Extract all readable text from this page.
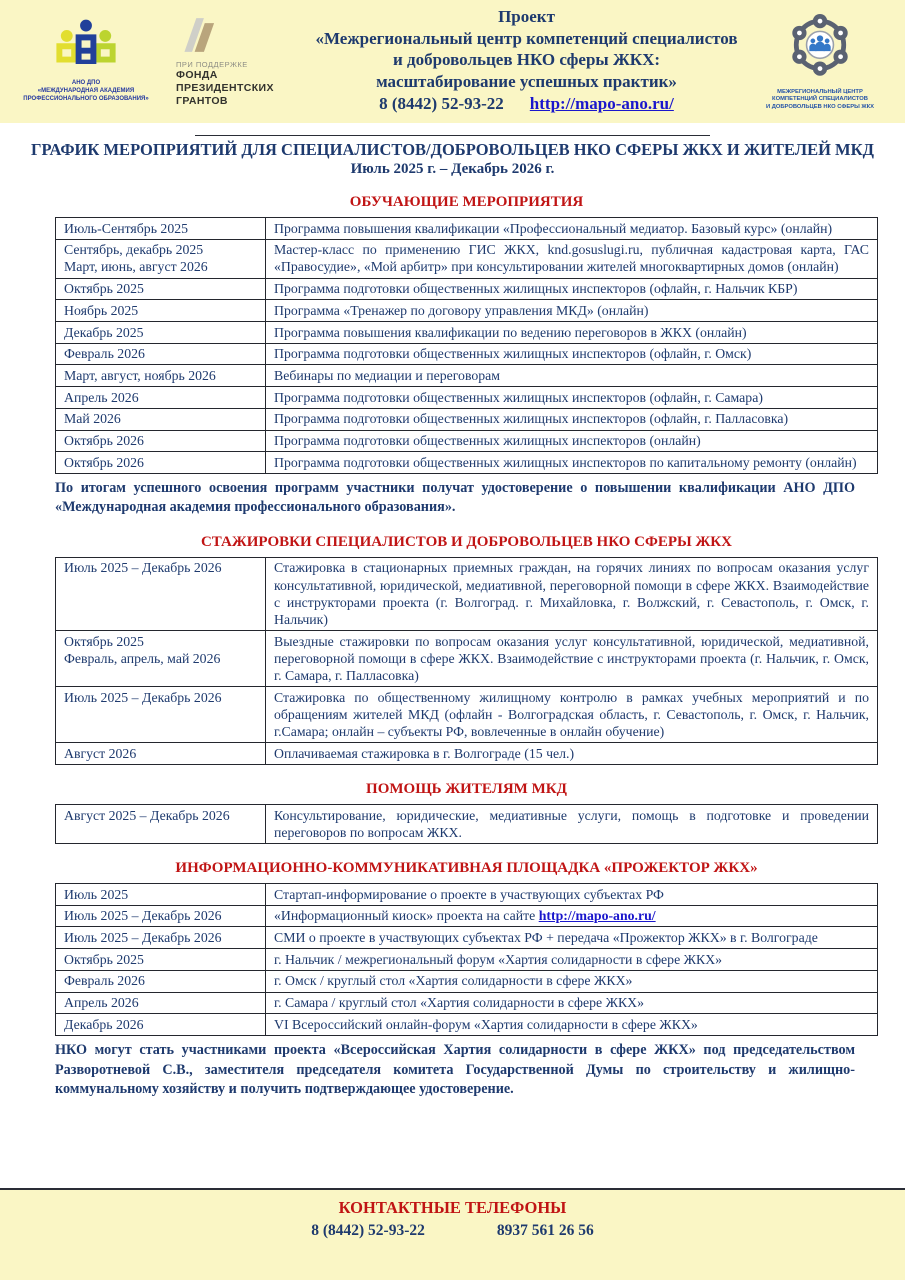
АНО ДПО
«МЕЖДУНАРОДНАЯ АКАДЕМИЯ
ПРОФЕССИОНАЛЬНОГО ОБРАЗОВАНИЯ»
ПРИ ПОДДЕРЖКЕ
ФОНДА
ПРЕЗИДЕНТСКИХ
ГРАНТОВ
Проект
«Межрегиональный центр компетенций специалистов
и добровольцев НКО сферы ЖКХ:
масштабирование успешных практик»
8 (8442) 52-93-22 http://mapo-ano.ru/
МЕЖРЕГИОНАЛЬНЫЙ ЦЕНТР
КОМПЕТЕНЦИЙ СПЕЦИАЛИСТОВ
И ДОБРОВОЛЬЦЕВ НКО СФЕРЫ ЖКХ
ГРАФИК МЕРОПРИЯТИЙ ДЛЯ СПЕЦИАЛИСТОВ/ДОБРОВОЛЬЦЕВ НКО СФЕРЫ ЖКХ И ЖИТЕЛЕЙ МКД
Июль 2025 г. – Декабрь 2026 г.
ОБУЧАЮЩИЕ МЕРОПРИЯТИЯ
Июль-Сентябрь 2025	Программа повышения квалификации «Профессиональный медиатор. Базовый курс» (онлайн)

Сентябрь, декабрь 2025
Март, июнь, август 2026	Мастер-класс по применению ГИС ЖКХ, knd.gosuslugi.ru, публичная кадастровая карта, ГАС «Правосудие», «Мой арбитр» при консультировании жителей многоквартирных домов (онлайн)

Октябрь 2025	Программа подготовки общественных жилищных инспекторов (офлайн, г. Нальчик КБР)

Ноябрь 2025	Программа «Тренажер по договору управления МКД» (онлайн)

Декабрь 2025	Программа повышения квалификации по ведению переговоров в ЖКХ (онлайн)

Февраль 2026	Программа подготовки общественных жилищных инспекторов (офлайн, г. Омск)

Март, август, ноябрь 2026	Вебинары по медиации и переговорам

Апрель 2026	Программа подготовки общественных жилищных инспекторов (офлайн, г. Самара)

Май 2026	Программа подготовки общественных жилищных инспекторов (офлайн, г. Палласовка)

Октябрь 2026	Программа подготовки общественных жилищных инспекторов (онлайн)

Октябрь 2026	Программа подготовки общественных жилищных инспекторов по капитальному ремонту (онлайн)

По итогам успешного освоения программ участники получат удостоверение о повышении квалификации АНО ДПО «Международная академия профессионального образования».

СТАЖИРОВКИ СПЕЦИАЛИСТОВ И ДОБРОВОЛЬЦЕВ НКО СФЕРЫ ЖКХ
Июль 2025 – Декабрь 2026	Стажировка в стационарных приемных граждан, на горячих линиях по вопросам оказания услуг консультативной, юридической, медиативной, переговорной помощи в сфере ЖКХ. Взаимодействие с инструкторами проекта (г. Волгоград. г. Михайловка, г. Волжский, г. Севастополь, г. Омск, г. Нальчик)

Октябрь 2025
Февраль, апрель, май 2026	Выездные стажировки по вопросам оказания услуг консультативной, юридической, медиативной, переговорной помощи в сфере ЖКХ. Взаимодействие с инструкторами проекта (г. Нальчик, г. Омск, г. Самара, г. Палласовка)

Июль 2025 – Декабрь 2026	Стажировка по общественному жилищному контролю в рамках учебных мероприятий и по обращениям жителей МКД (офлайн - Волгоградская область, г. Севастополь, г. Омск, г. Нальчик, г.Самара; онлайн – субъекты РФ, вовлеченные в онлайн обучение)

Август 2026	Оплачиваемая стажировка в г. Волгограде (15 чел.)
ПОМОЩЬ ЖИТЕЛЯМ МКД
Август 2025 – Декабрь 2026	Консультирование, юридические, медиативные услуги, помощь в подготовке и проведении переговоров по вопросам ЖКХ.
ИНФОРМАЦИОННО-КОММУНИКАТИВНАЯ ПЛОЩАДКА «ПРОЖЕКТОР ЖКХ»
Июль 2025	Стартап-информирование о проекте в участвующих субъектах РФ

Июль 2025 – Декабрь 2026	«Информационный киоск» проекта на сайте http://mapo-ano.ru/

Июль 2025 – Декабрь 2026	СМИ о проекте в участвующих субъектах РФ + передача «Прожектор ЖКХ» в г. Волгограде

Октябрь 2025	г. Нальчик / межрегиональный форум «Хартия солидарности в сфере ЖКХ»

Февраль 2026	г. Омск / круглый стол «Хартия солидарности в сфере ЖКХ»

Апрель 2026	г. Самара / круглый стол «Хартия солидарности в сфере ЖКХ»

Декабрь 2026	VI Всероссийский онлайн-форум «Хартия солидарности в сфере ЖКХ»

НКО могут стать участниками проекта «Всероссийская Хартия солидарности в сфере ЖКХ» под председательством Разворотневой С.В., заместителя председателя комитета Государственной Думы по строительству и жилищно-коммунальному хозяйству и получить подтверждающее удостоверение.

КОНТАКТНЫЕ ТЕЛЕФОНЫ
8 (8442) 52-93-22	8937 561 26 56
